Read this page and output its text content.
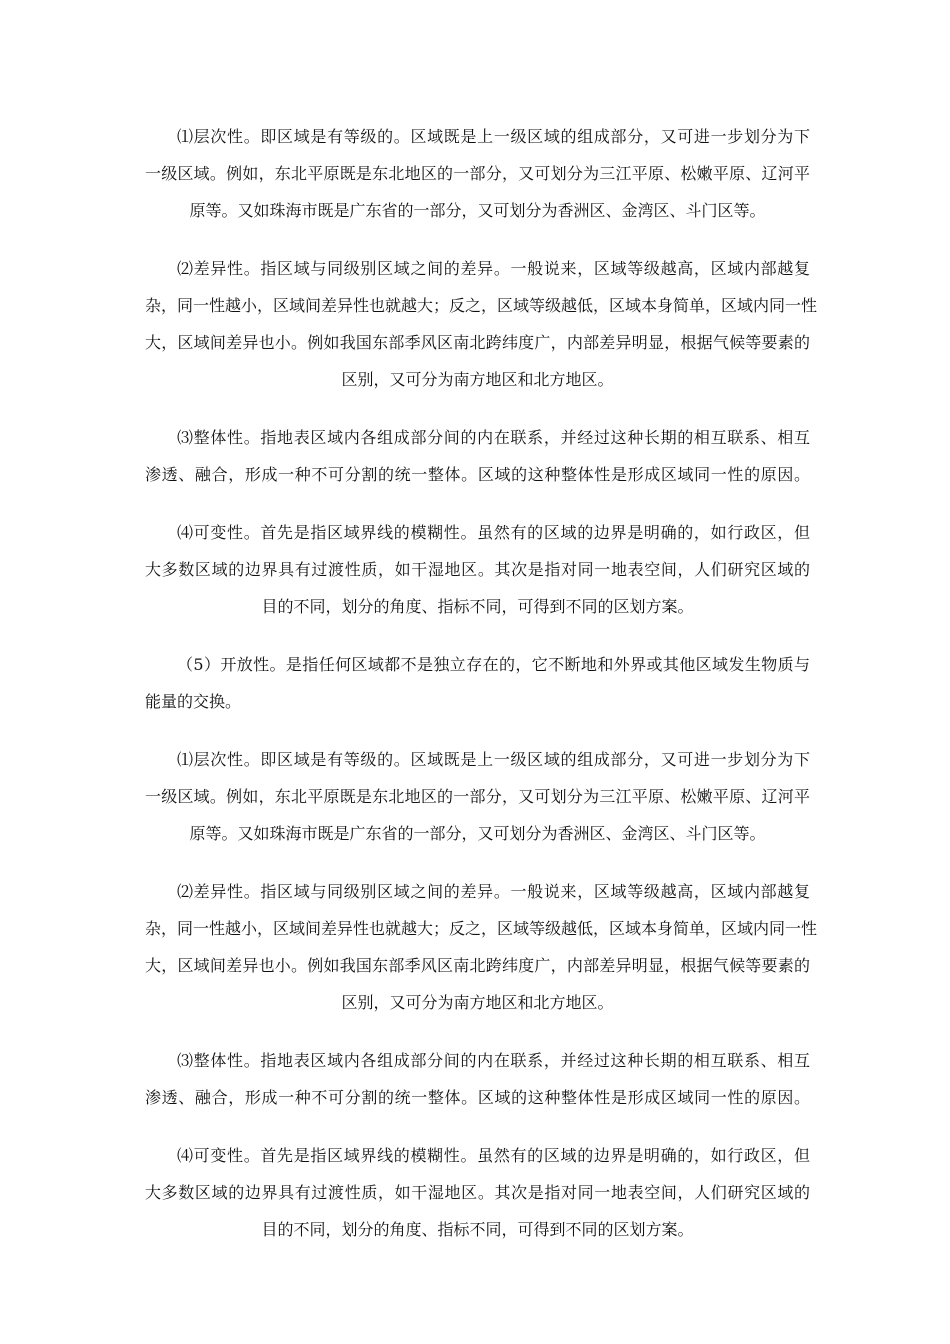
⑴层次性。即区域是有等级的。区域既是上一级区域的组成部分，又可进一步划分为下
一级区域。例如，东北平原既是东北地区的一部分，又可划分为三江平原、松嫩平原、辽河平
原等。又如珠海市既是广东省的一部分，又可划分为香洲区、金湾区、斗门区等。
⑵差异性。指区域与同级别区域之间的差异。一般说来，区域等级越高，区域内部越复
杂，同一性越小，区域间差异性也就越大；反之，区域等级越低，区域本身简单，区域内同一性
大，区域间差异也小。例如我国东部季风区南北跨纬度广，内部差异明显，根据气候等要素的
区别，又可分为南方地区和北方地区。
⑶整体性。指地表区域内各组成部分间的内在联系，并经过这种长期的相互联系、相互
渗透、融合，形成一种不可分割的统一整体。区域的这种整体性是形成区域同一性的原因。
⑷可变性。首先是指区域界线的模糊性。虽然有的区域的边界是明确的，如行政区，但
大多数区域的边界具有过渡性质，如干湿地区。其次是指对同一地表空间，人们研究区域的
目的不同，划分的角度、指标不同，可得到不同的区划方案。
（5）开放性。是指任何区域都不是独立存在的，它不断地和外界或其他区域发生物质与
能量的交换。
⑴层次性。即区域是有等级的。区域既是上一级区域的组成部分，又可进一步划分为下
一级区域。例如，东北平原既是东北地区的一部分，又可划分为三江平原、松嫩平原、辽河平
原等。又如珠海市既是广东省的一部分，又可划分为香洲区、金湾区、斗门区等。
⑵差异性。指区域与同级别区域之间的差异。一般说来，区域等级越高，区域内部越复
杂，同一性越小，区域间差异性也就越大；反之，区域等级越低，区域本身简单，区域内同一性
大，区域间差异也小。例如我国东部季风区南北跨纬度广，内部差异明显，根据气候等要素的
区别，又可分为南方地区和北方地区。
⑶整体性。指地表区域内各组成部分间的内在联系，并经过这种长期的相互联系、相互
渗透、融合，形成一种不可分割的统一整体。区域的这种整体性是形成区域同一性的原因。
⑷可变性。首先是指区域界线的模糊性。虽然有的区域的边界是明确的，如行政区，但
大多数区域的边界具有过渡性质，如干湿地区。其次是指对同一地表空间，人们研究区域的
目的不同，划分的角度、指标不同，可得到不同的区划方案。
